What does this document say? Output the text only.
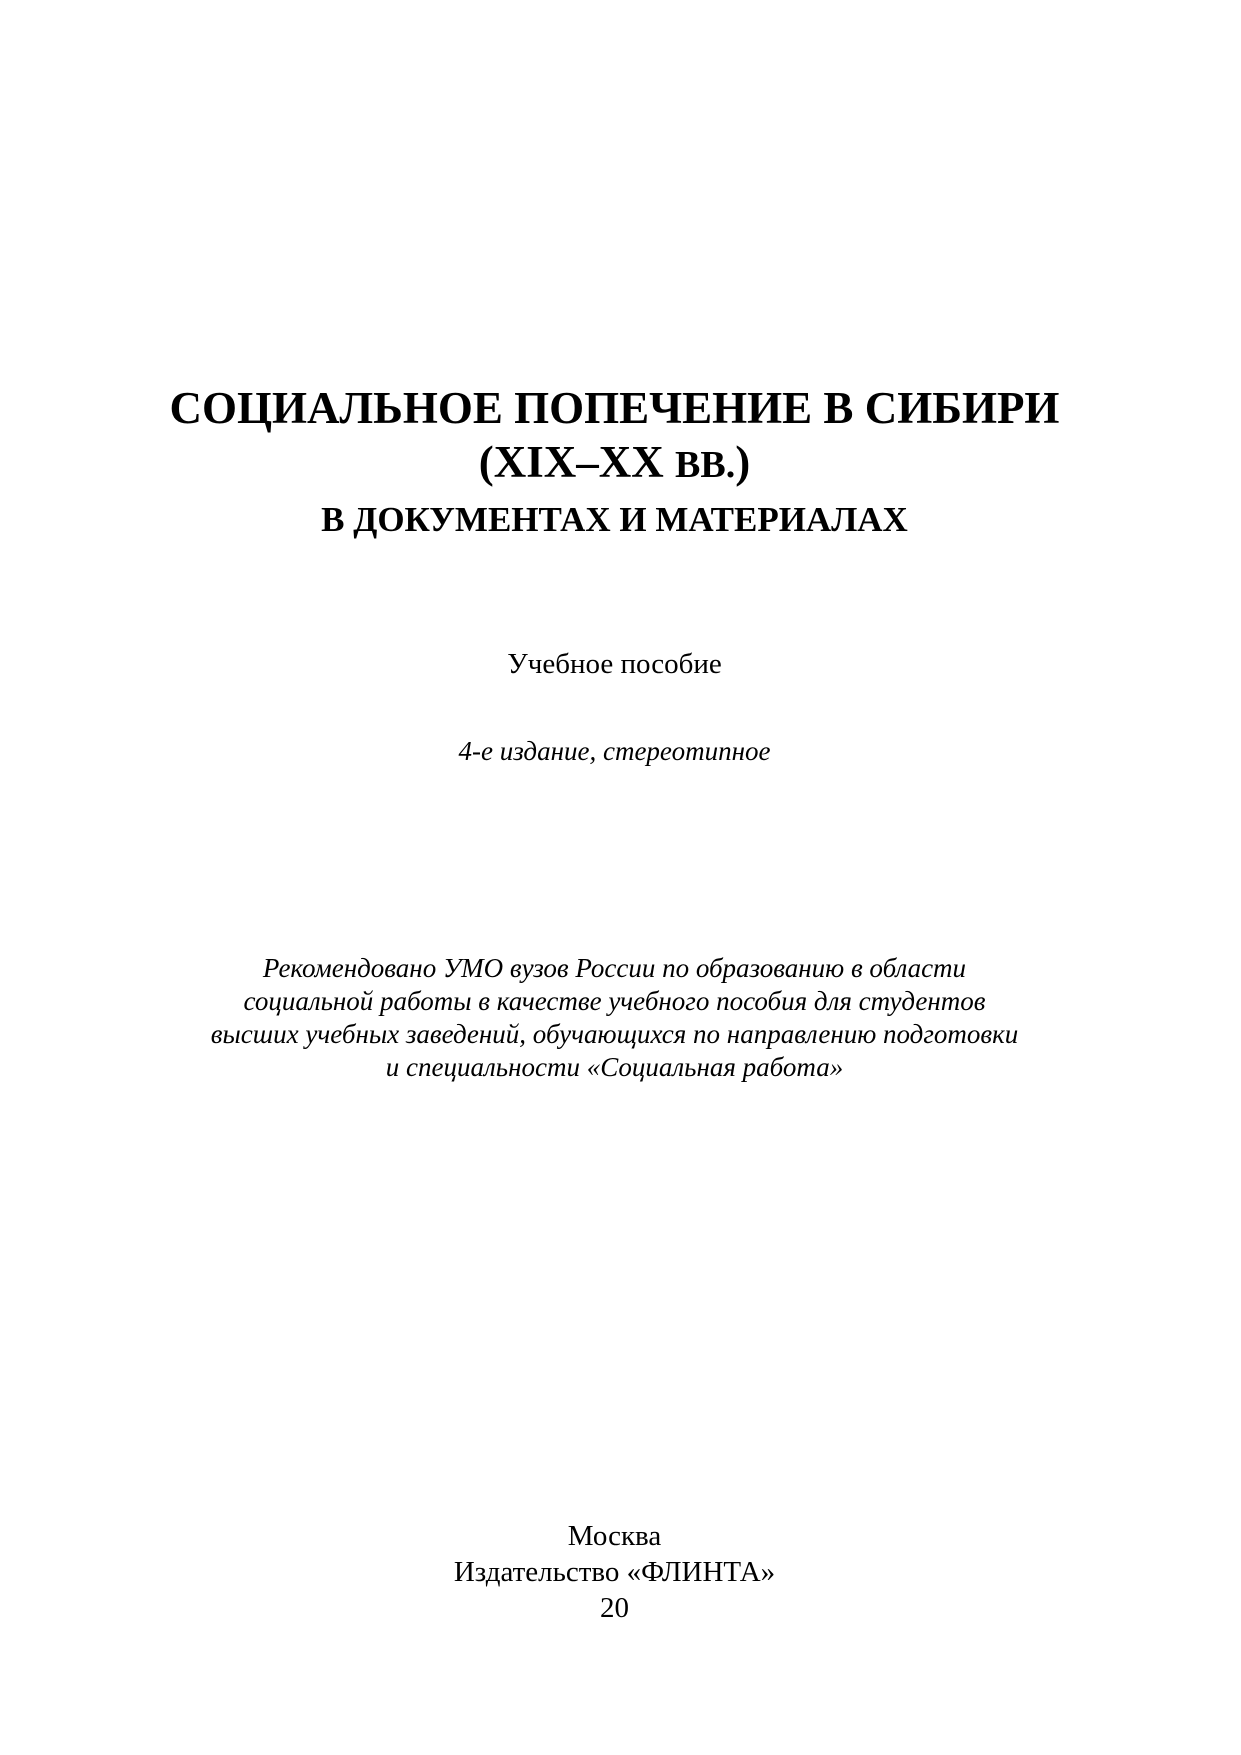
СОЦИАЛЬНОЕ ПОПЕЧЕНИЕ В СИБИРИ
(XIX–XX ВВ.)
В ДОКУМЕНТАХ И МАТЕРИАЛАХ
Учебное пособие
4-е издание, стереотипное
Рекомендовано УМО вузов России по образованию в области
социальной работы в качестве учебного пособия для студентов
высших учебных заведений, обучающихся по направлению подготовки
и специальности «Социальная работа»
Москва
Издательство «ФЛИНТА»
20
